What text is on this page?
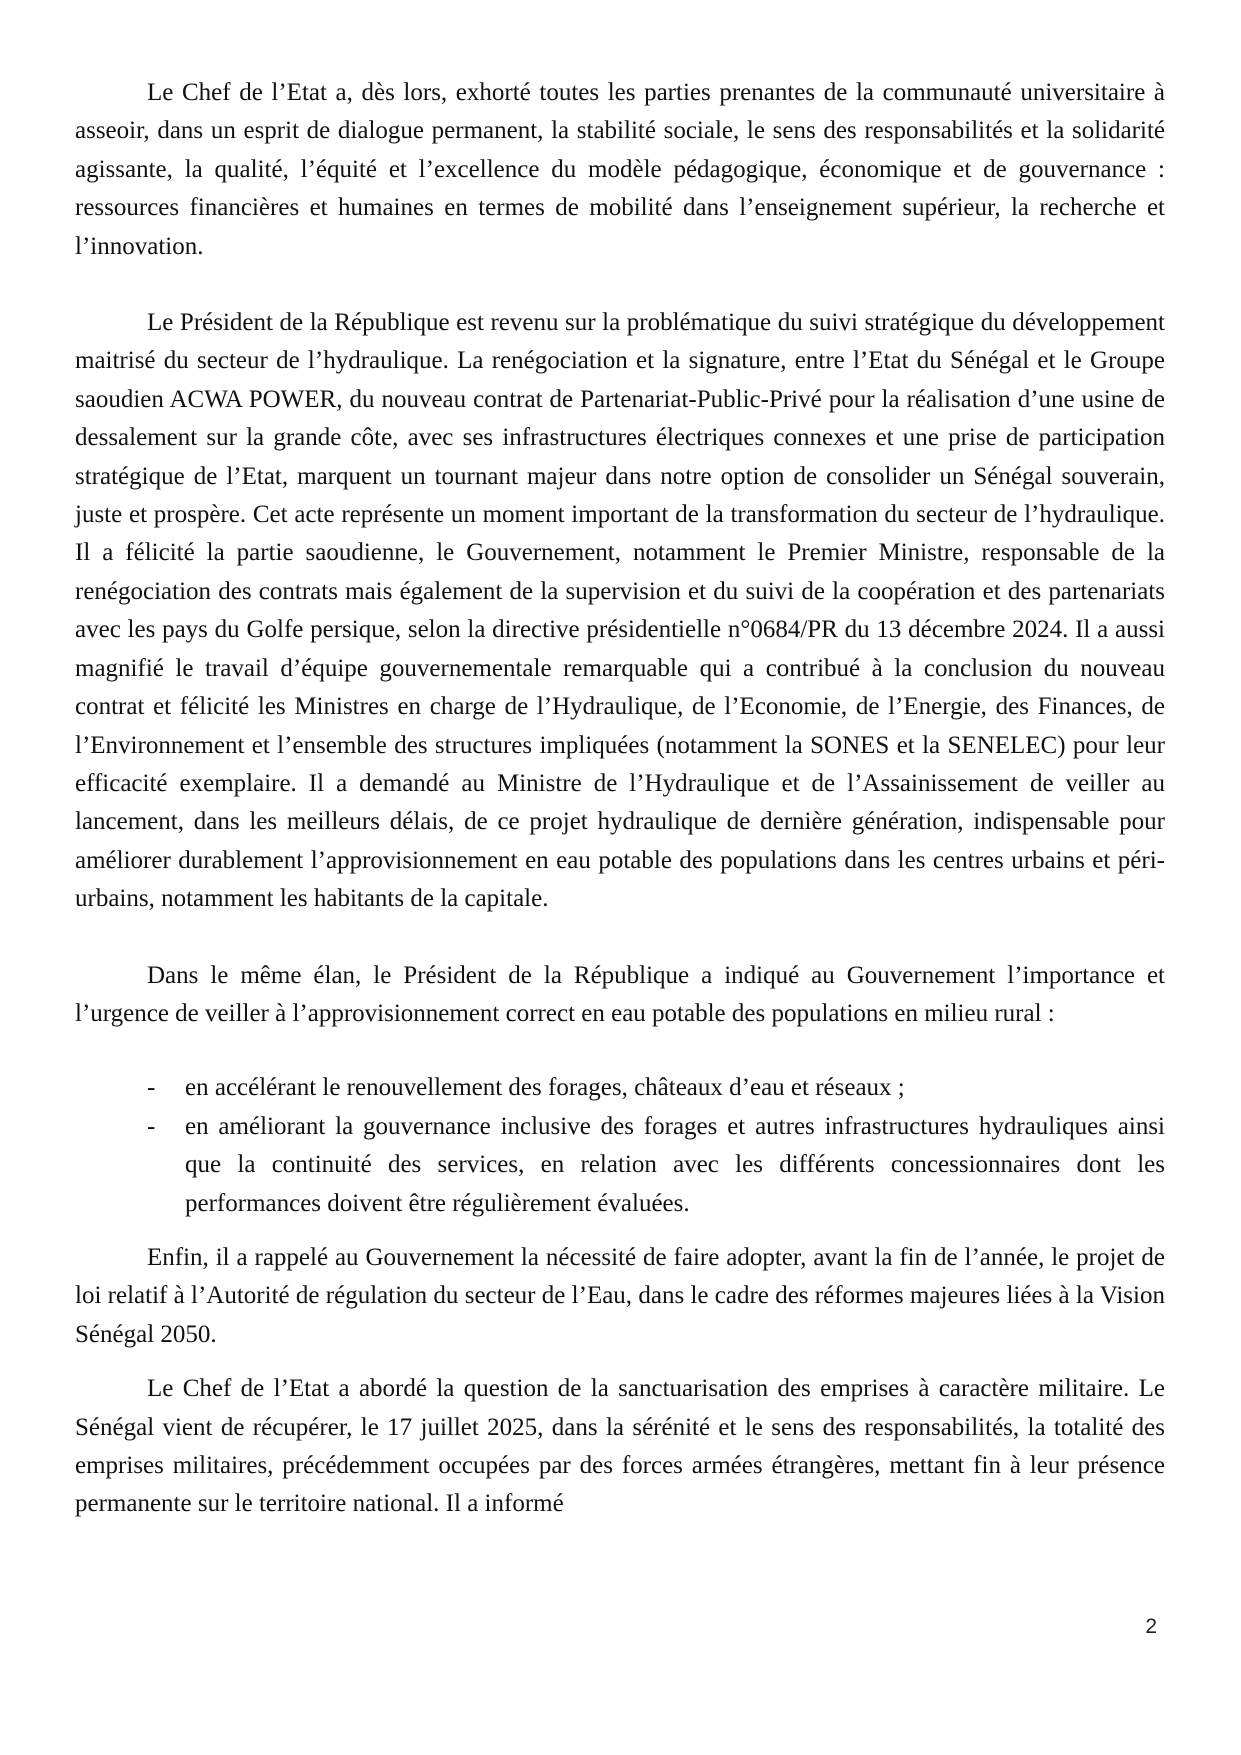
Le Chef de l’Etat a, dès lors, exhorté toutes les parties prenantes de la communauté universitaire à asseoir, dans un esprit de dialogue permanent, la stabilité sociale, le sens des responsabilités et la solidarité agissante, la qualité, l’équité et l’excellence du modèle pédagogique, économique et de gouvernance : ressources financières et humaines en termes de mobilité dans l’enseignement supérieur, la recherche et l’innovation.

Le Président de la République est revenu sur la problématique du suivi stratégique du développement maitrisé du secteur de l’hydraulique. La renégociation et la signature, entre l’Etat du Sénégal et le Groupe saoudien ACWA POWER, du nouveau contrat de Partenariat-Public-Privé pour la réalisation d’une usine de dessalement sur la grande côte, avec ses infrastructures électriques connexes et une prise de participation stratégique de l’Etat, marquent un tournant majeur dans notre option de consolider un Sénégal souverain, juste et prospère. Cet acte représente un moment important de la transformation du secteur de l’hydraulique. Il a félicité la partie saoudienne, le Gouvernement, notamment le Premier Ministre, responsable de la renégociation des contrats mais également de la supervision et du suivi de la coopération et des partenariats avec les pays du Golfe persique, selon la directive présidentielle n°0684/PR du 13 décembre 2024. Il a aussi magnifié le travail d’équipe gouvernementale remarquable qui a contribué à la conclusion du nouveau contrat et félicité les Ministres en charge de l’Hydraulique, de l’Economie, de l’Energie, des Finances, de l’Environnement et l’ensemble des structures impliquées (notamment la SONES et la SENELEC) pour leur efficacité exemplaire. Il a demandé au Ministre de l’Hydraulique et de l’Assainissement de veiller au lancement, dans les meilleurs délais, de ce projet hydraulique de dernière génération, indispensable pour améliorer durablement l’approvisionnement en eau potable des populations dans les centres urbains et péri-urbains, notamment les habitants de la capitale.

Dans le même élan, le Président de la République a indiqué au Gouvernement l’importance et l’urgence de veiller à l’approvisionnement correct en eau potable des populations en milieu rural :

- en accélérant le renouvellement des forages, châteaux d’eau et réseaux ;
- en améliorant la gouvernance inclusive des forages et autres infrastructures hydrauliques ainsi que la continuité des services, en relation avec les différents concessionnaires dont les performances doivent être régulièrement évaluées.

Enfin, il a rappelé au Gouvernement la nécessité de faire adopter, avant la fin de l’année, le projet de loi relatif à l’Autorité de régulation du secteur de l’Eau, dans le cadre des réformes majeures liées à la Vision Sénégal 2050.

Le Chef de l’Etat a abordé la question de la sanctuarisation des emprises à caractère militaire. Le Sénégal vient de récupérer, le 17 juillet 2025, dans la sérénité et le sens des responsabilités, la totalité des emprises militaires, précédemment occupées par des forces armées étrangères, mettant fin à leur présence permanente sur le territoire national. Il a informé

2
